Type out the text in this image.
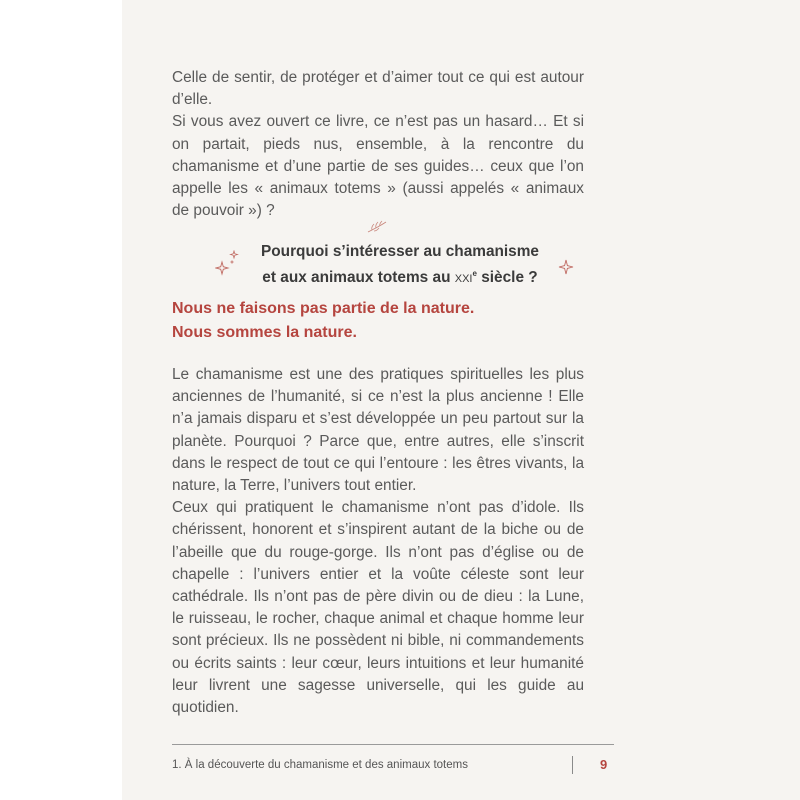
Celle de sentir, de protéger et d’aimer tout ce qui est autour d’elle.

Si vous avez ouvert ce livre, ce n’est pas un hasard… Et si on partait, pieds nus, ensemble, à la rencontre du chamanisme et d’une partie de ses guides… ceux que l’on appelle les « animaux totems » (aussi appelés « animaux de pouvoir ») ?

Pourquoi s’intéresser au chamanisme
et aux animaux totems au XXIe siècle ?
Nous ne faisons pas partie de la nature.
Nous sommes la nature.

Le chamanisme est une des pratiques spirituelles les plus anciennes de l’humanité, si ce n’est la plus ancienne ! Elle n’a jamais disparu et s’est développée un peu partout sur la planète. Pourquoi ? Parce que, entre autres, elle s’inscrit dans le respect de tout ce qui l’entoure : les êtres vivants, la nature, la Terre, l’univers tout entier.

Ceux qui pratiquent le chamanisme n’ont pas d’idole. Ils chérissent, honorent et s’inspirent autant de la biche ou de l’abeille que du rouge-gorge. Ils n’ont pas d’église ou de chapelle : l’univers entier et la voûte céleste sont leur cathédrale. Ils n’ont pas de père divin ou de dieu : la Lune, le ruisseau, le rocher, chaque animal et chaque homme leur sont précieux. Ils ne possèdent ni bible, ni commandements ou écrits saints : leur cœur, leurs intuitions et leur humanité leur livrent une sagesse universelle, qui les guide au quotidien.

1. À la découverte du chamanisme et des animaux totems	9
